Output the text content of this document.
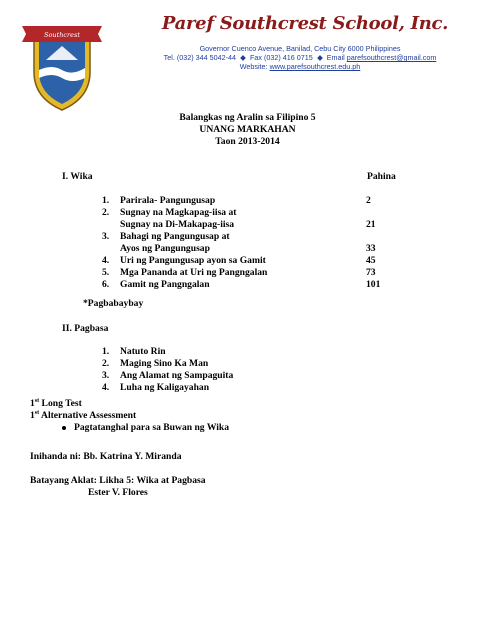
Southcrest
Paref Southcrest School, Inc.
Governor Cuenco Avenue, Banilad, Cebu City 6000 Philippines
Tel. (032) 344 5042-44 Fax (032) 416 0715 Email parefsouthcrest@gmail.com
Website: www.parefsouthcrest.edu.ph
Balangkas ng Aralin sa Filipino 5
UNANG MARKAHAN
Taon 2013-2014
I. Wika	Pahina
1. Parirala- Pangungusap	2
2. Sugnay na Magkapag-iisa at
Sugnay na Di-Makapag-iisa	21
3. Bahagi ng Pangungusap at
Ayos ng Pangungusap	33
4. Uri ng Pangungusap ayon sa Gamit	45
5. Mga Pananda at Uri ng Pangngalan	73
6. Gamit ng Pangngalan	101
*Pagbabaybay
II. Pagbasa
1. Natuto Rin
2. Maging Sino Ka Man
3. Ang Alamat ng Sampaguita
4. Luha ng Kaligayahan
1st Long Test
1st Alternative Assessment
Pagtatanghal para sa Buwan ng Wika
Inihanda ni: Bb. Katrina Y. Miranda
Batayang Aklat: Likha 5: Wika at Pagbasa
Ester V. Flores
